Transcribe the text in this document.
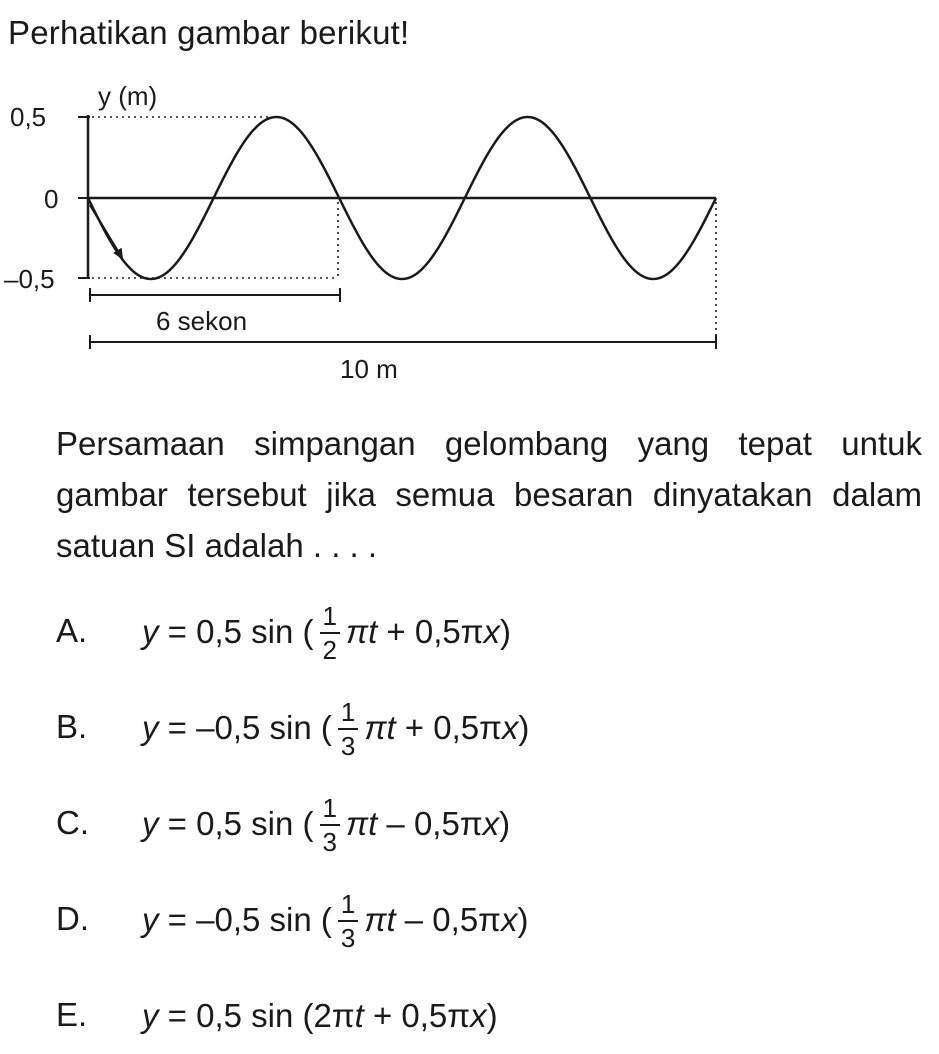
Perhatikan gambar berikut!
y (m)
0,5
0
–0,5
6 sekon
10 m

Persamaan simpangan gelombang yang tepat untuk gambar tersebut jika semua besaran dinyatakan dalam satuan SI adalah . . . .

A.	y
= 0,5 sin ( $\frac{1}{2}$ π t
+ 0,5π x )
B.	y
= –0,5 sin ( $\frac{1}{3}$ π t
+ 0,5π x )
C.	y
= 0,5 sin ( $\frac{1}{3}$ π t
– 0,5π x )
D.	y
= –0,5 sin ( $\frac{1}{3}$ π t
– 0,5π x )
E.	y
= 0,5 sin (2π t
+ 0,5π x )
